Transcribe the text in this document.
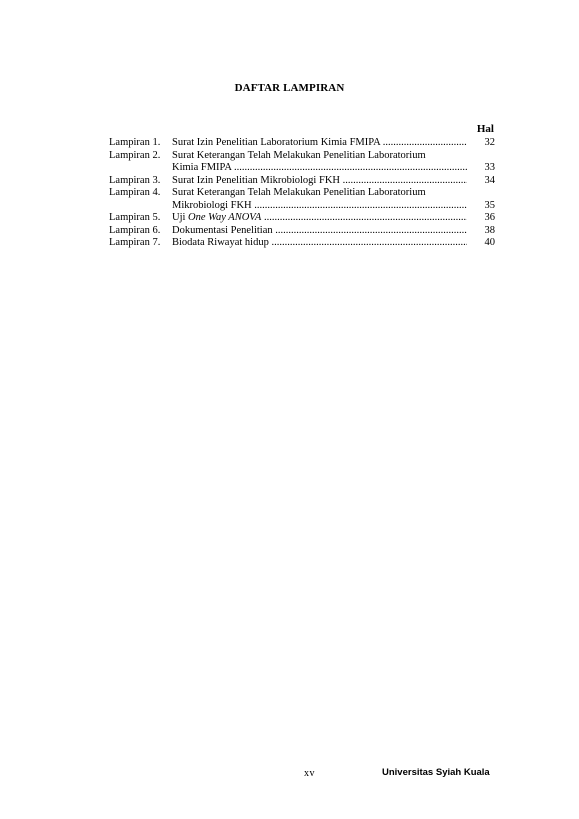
DAFTAR LAMPIRAN
Hal
Lampiran 1. Surat Izin Penelitian Laboratorium Kimia FMIPA .....	32
Lampiran 2. Surat Keterangan Telah Melakukan Penelitian Laboratorium
Kimia FMIPA .....	33
Lampiran 3. Surat Izin Penelitian Mikrobiologi FKH .....	34
Lampiran 4. Surat Keterangan Telah Melakukan Penelitian Laboratorium
Mikrobiologi FKH .....	35
Lampiran 5. Uji One Way ANOVA .....	36
Lampiran 6. Dokumentasi Penelitian .....	38
Lampiran 7. Biodata Riwayat hidup .....	40
xv	Universitas Syiah Kuala
